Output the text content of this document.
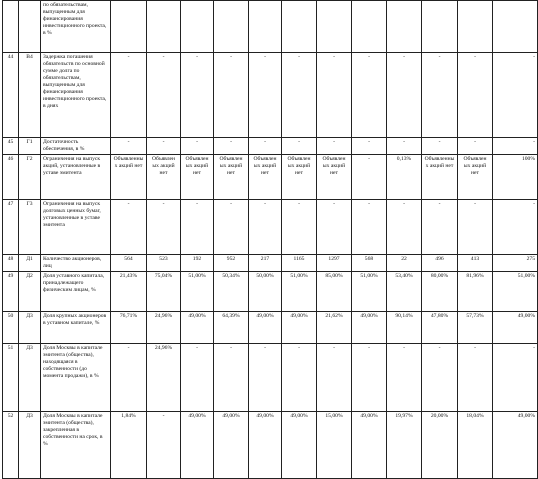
		по обязательствам, выпущенным для финансирования инвестиционного проекта, в %												
44	В4	Задержка погашения обязательств по основной сумме долга по обязательствам, выпущенным для финансирования инвестиционного проекта, в днях	-	-	-	-	-	-	-	-	-	-	-	-
45	Г1	Достаточность обеспечения, в %	-	-	-	-	-	-	-	-	-	-	-	-
46	Г2	Ограничения на выпуск акций, установленные в уставе эмитента	Объявленных акций нет	Объявлен ых акций нет	Объявлен ых акций нет	Объявлен ых акций нет	Объявлен ых акций нет	Объявлен ых акций нет	Объявлен ых акций нет	-	0,13%	Объявленных акций нет	Объявлен ых акций нет	100%
47	Г3	Ограничения на выпуск долговых ценных бумаг, установленные в уставе эмитента	-	-	-	-	-	-	-	-	-	-	-	-
48	Д1	Количество акционеров, лиц	564	523	192	952	217	1165	1297	568	22	496	413	275
49	Д2	Доля уставного капитала, принадлежащего физическим лицам, %	21,43%	75,04%	51,00%	50,34%	50,00%	51,00%	85,00%	51,00%	53,40%	80,00%	81,96%	51,00%
50	Д3	Доля крупных акционеров в уставном капитале, %	76,71%	24,96%	49,00%	64,39%	49,00%	49,00%	21,62%	49,00%	90,14%	47,80%	57,73%	49,00%
51	Д3	Доля Москвы в капитале эмитента (общества), находящаяся в собственности (до момента продажи), в %	-	24,96%	-	-	-	-	-	-	-	-	-	-
52	Д3	Доля Москвы в капитале эмитента (общества), закрепленная в собственности на срок, в %	1,84%	-	49,00%	49,00%	49,00%	49,00%	15,00%	49,00%	19,97%	20,00%	18,04%	49,00%
